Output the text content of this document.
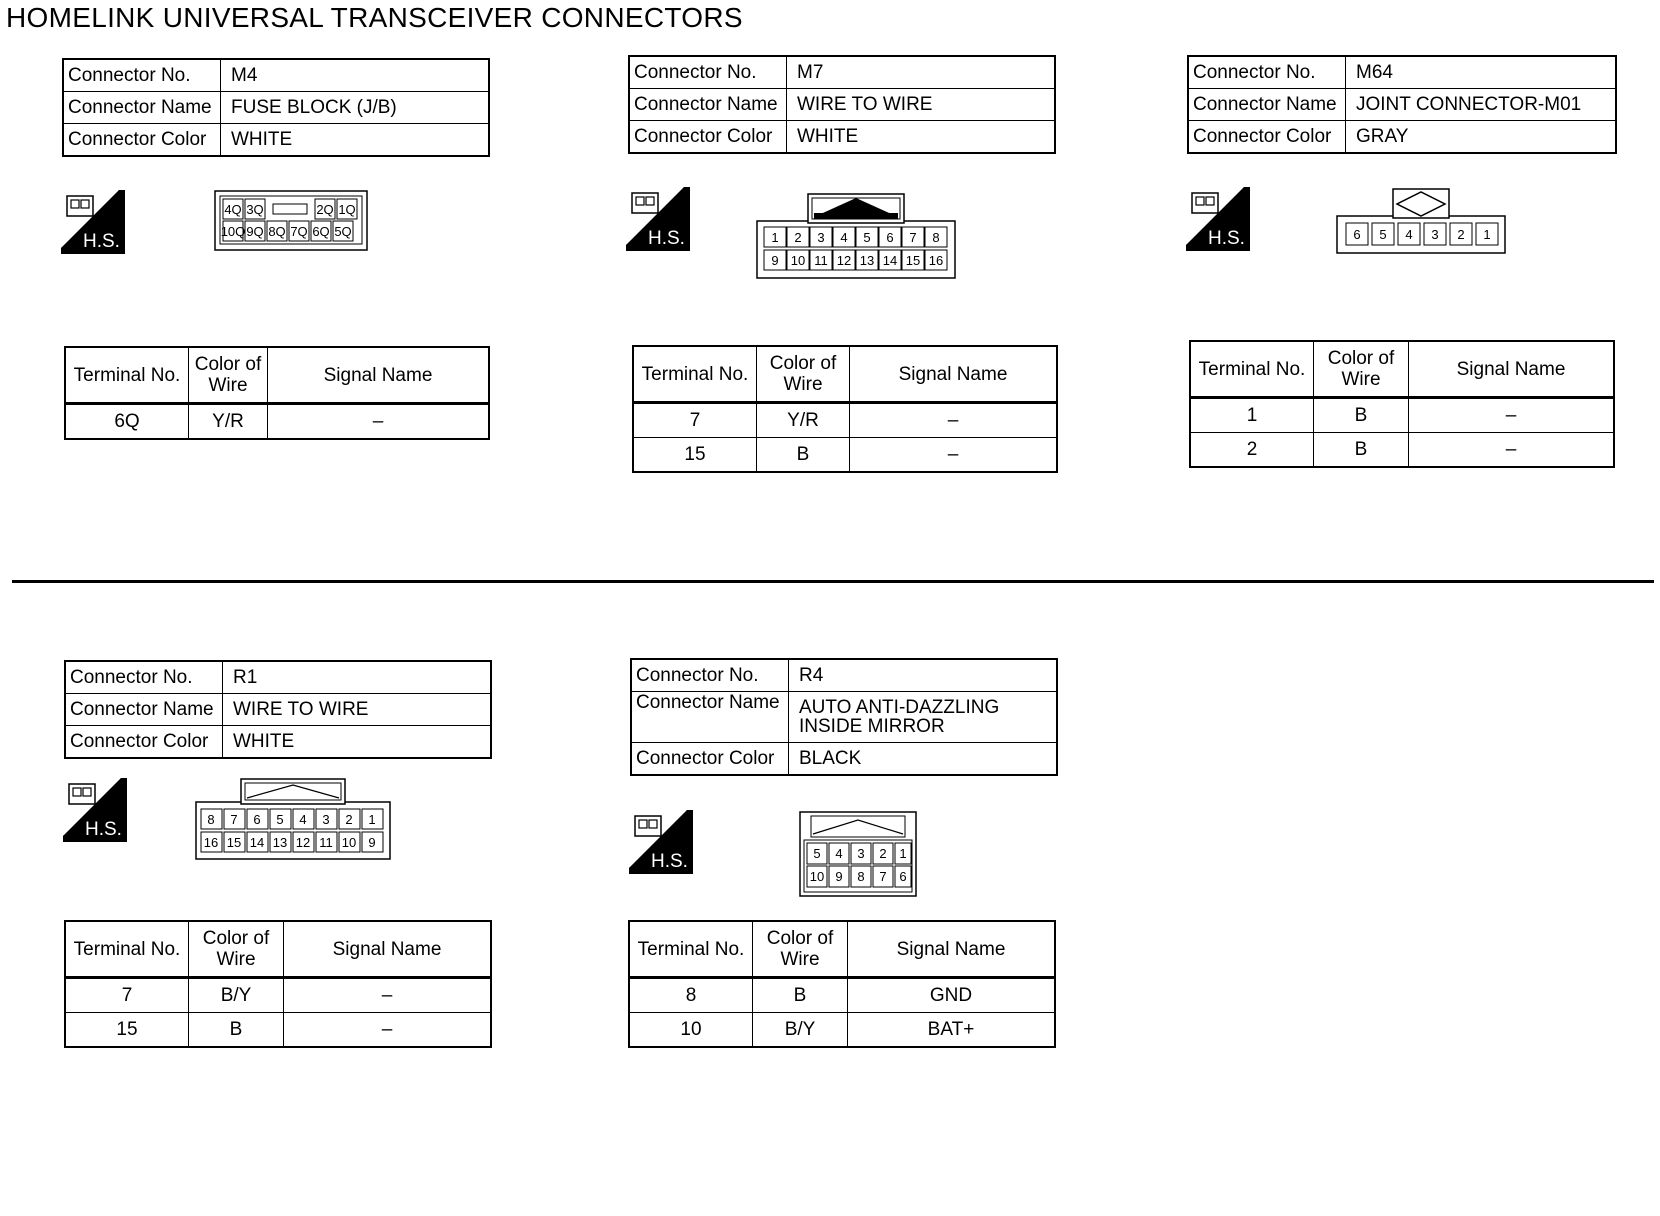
HOMELINK UNIVERSAL TRANSCEIVER CONNECTORS
Connector No.	M4
Connector Name	FUSE BLOCK (J/B)
Connector Color	WHITE
H.S.
4Q 3Q	2Q 1Q
10Q 9Q 8Q 7Q 6Q 5Q
Terminal No.	Color of Wire	Signal Name
6Q	Y/R	–
Connector No.	M7
Connector Name	WIRE TO WIRE
Connector Color	WHITE
H.S.	1 2 3 4 5 6 7 8
9 10 11 12 13 14 15 16
Terminal No.	Color of Wire	Signal Name
7	Y/R	–
15	B	–
Connector No.	M64
Connector Name	JOINT CONNECTOR-M01
Connector Color	GRAY
H.S.	6 5 4 3 2 1
Terminal No.	Color of Wire	Signal Name
1	B	–
2	B	–
Connector No.	R1
Connector Name	WIRE TO WIRE
Connector Color	WHITE
H.S.	8 7 6 5 4 3 2 1
16 15 14 13 12 11 10 9
Terminal No.	Color of Wire	Signal Name
7	B/Y	–
15	B	–
Connector No.	R4
Connector Name	AUTO ANTI-DAZZLING INSIDE MIRROR
Connector Color	BLACK
H.S.	5 4 3 2 1
10 9 8 7 6
Terminal No.	Color of Wire	Signal Name
8	B	GND
10	B/Y	BAT+
